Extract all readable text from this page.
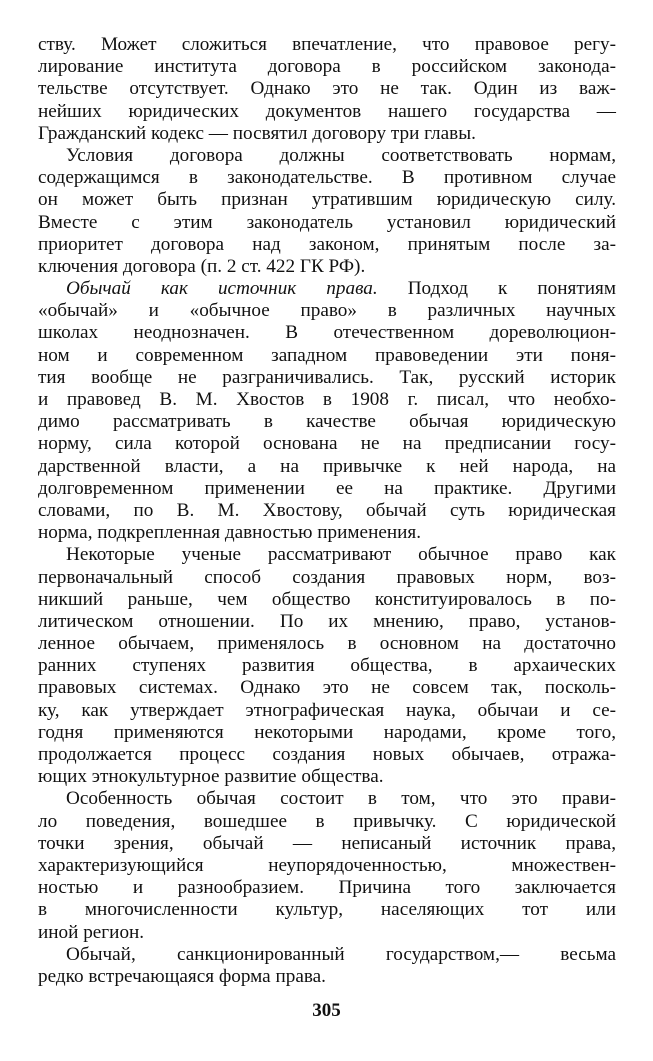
ству. Может сложиться впечатление, что правовое регу-
лирование института договора в российском законода-
тельстве отсутствует. Однако это не так. Один из важ-
нейших юридических документов нашего государства —
Гражданский кодекс — посвятил договору три главы.
Условия договора должны соответствовать нормам,
содержащимся в законодательстве. В противном случае
он может быть признан утратившим юридическую силу.
Вместе с этим законодатель установил юридический
приоритет договора над законом, принятым после за-
ключения договора (п. 2 ст. 422 ГК РФ).
Обычай как источник права. Подход к понятиям
«обычай» и «обычное право» в различных научных
школах неоднозначен. В отечественном дореволюцион-
ном и современном западном правоведении эти поня-
тия вообще не разграничивались. Так, русский историк
и правовед В. М. Хвостов в 1908 г. писал, что необхо-
димо рассматривать в качестве обычая юридическую
норму, сила которой основана не на предписании госу-
дарственной власти, а на привычке к ней народа, на
долговременном применении ее на практике. Другими
словами, по В. М. Хвостову, обычай суть юридическая
норма, подкрепленная давностью применения.
Некоторые ученые рассматривают обычное право как
первоначальный способ создания правовых норм, воз-
никший раньше, чем общество конституировалось в по-
литическом отношении. По их мнению, право, установ-
ленное обычаем, применялось в основном на достаточно
ранних ступенях развития общества, в архаических
правовых системах. Однако это не совсем так, посколь-
ку, как утверждает этнографическая наука, обычаи и се-
годня применяются некоторыми народами, кроме того,
продолжается процесс создания новых обычаев, отража-
ющих этнокультурное развитие общества.
Особенность обычая состоит в том, что это прави-
ло поведения, вошедшее в привычку. С юридической
точки зрения, обычай — неписаный источник права,
характеризующийся неупорядоченностью, множествен-
ностью и разнообразием. Причина того заключается
в многочисленности культур, населяющих тот или
иной регион.
Обычай, санкционированный государством,— весьма
редко встречающаяся форма права.
305
